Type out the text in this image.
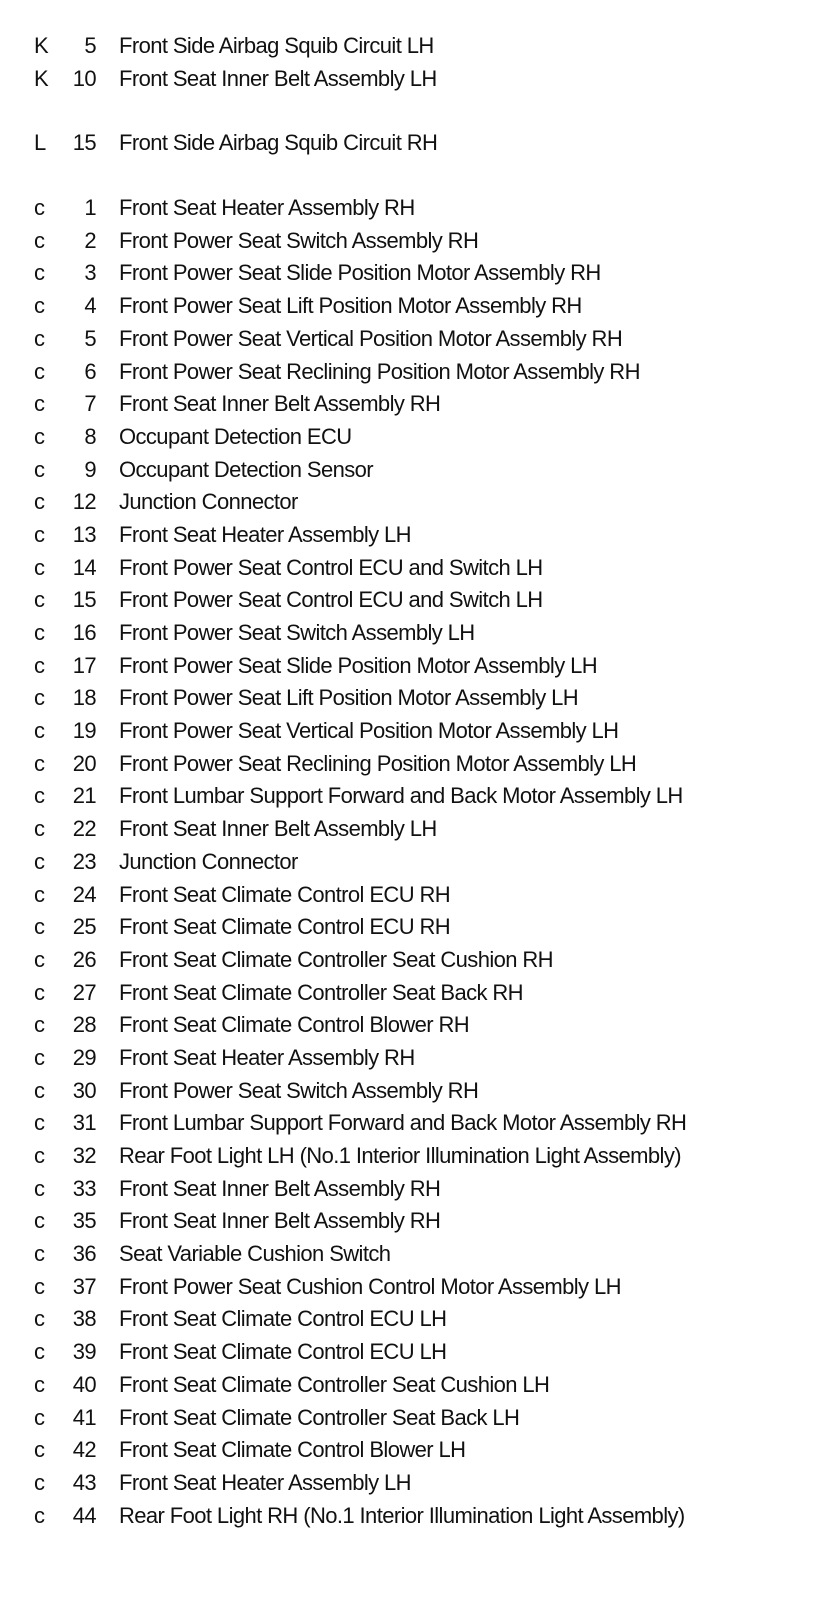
K	5 Front Side Airbag Squib Circuit LH
K	10 Front Seat Inner Belt Assembly LH
L	15 Front Side Airbag Squib Circuit RH
c	1 Front Seat Heater Assembly RH
c	2 Front Power Seat Switch Assembly RH
c	3 Front Power Seat Slide Position Motor Assembly RH
c	4 Front Power Seat Lift Position Motor Assembly RH
c	5 Front Power Seat Vertical Position Motor Assembly RH
c	6 Front Power Seat Reclining Position Motor Assembly RH
c	7 Front Seat Inner Belt Assembly RH
c	8 Occupant Detection ECU
c	9 Occupant Detection Sensor
c	12 Junction Connector
c	13 Front Seat Heater Assembly LH
c	14 Front Power Seat Control ECU and Switch LH
c	15 Front Power Seat Control ECU and Switch LH
c	16 Front Power Seat Switch Assembly LH
c	17 Front Power Seat Slide Position Motor Assembly LH
c	18 Front Power Seat Lift Position Motor Assembly LH
c	19 Front Power Seat Vertical Position Motor Assembly LH
c	20 Front Power Seat Reclining Position Motor Assembly LH
c	21 Front Lumbar Support Forward and Back Motor Assembly LH
c	22 Front Seat Inner Belt Assembly LH
c	23 Junction Connector
c	24 Front Seat Climate Control ECU RH
c	25 Front Seat Climate Control ECU RH
c	26 Front Seat Climate Controller Seat Cushion RH
c	27 Front Seat Climate Controller Seat Back RH
c	28 Front Seat Climate Control Blower RH
c	29 Front Seat Heater Assembly RH
c	30 Front Power Seat Switch Assembly RH
c	31 Front Lumbar Support Forward and Back Motor Assembly RH
c	32 Rear Foot Light LH (No.1 Interior Illumination Light Assembly)
c	33 Front Seat Inner Belt Assembly RH
c	35 Front Seat Inner Belt Assembly RH
c	36 Seat Variable Cushion Switch
c	37 Front Power Seat Cushion Control Motor Assembly LH
c	38 Front Seat Climate Control ECU LH
c	39 Front Seat Climate Control ECU LH
c	40 Front Seat Climate Controller Seat Cushion LH
c	41 Front Seat Climate Controller Seat Back LH
c	42 Front Seat Climate Control Blower LH
c	43 Front Seat Heater Assembly LH
c	44 Rear Foot Light RH (No.1 Interior Illumination Light Assembly)
